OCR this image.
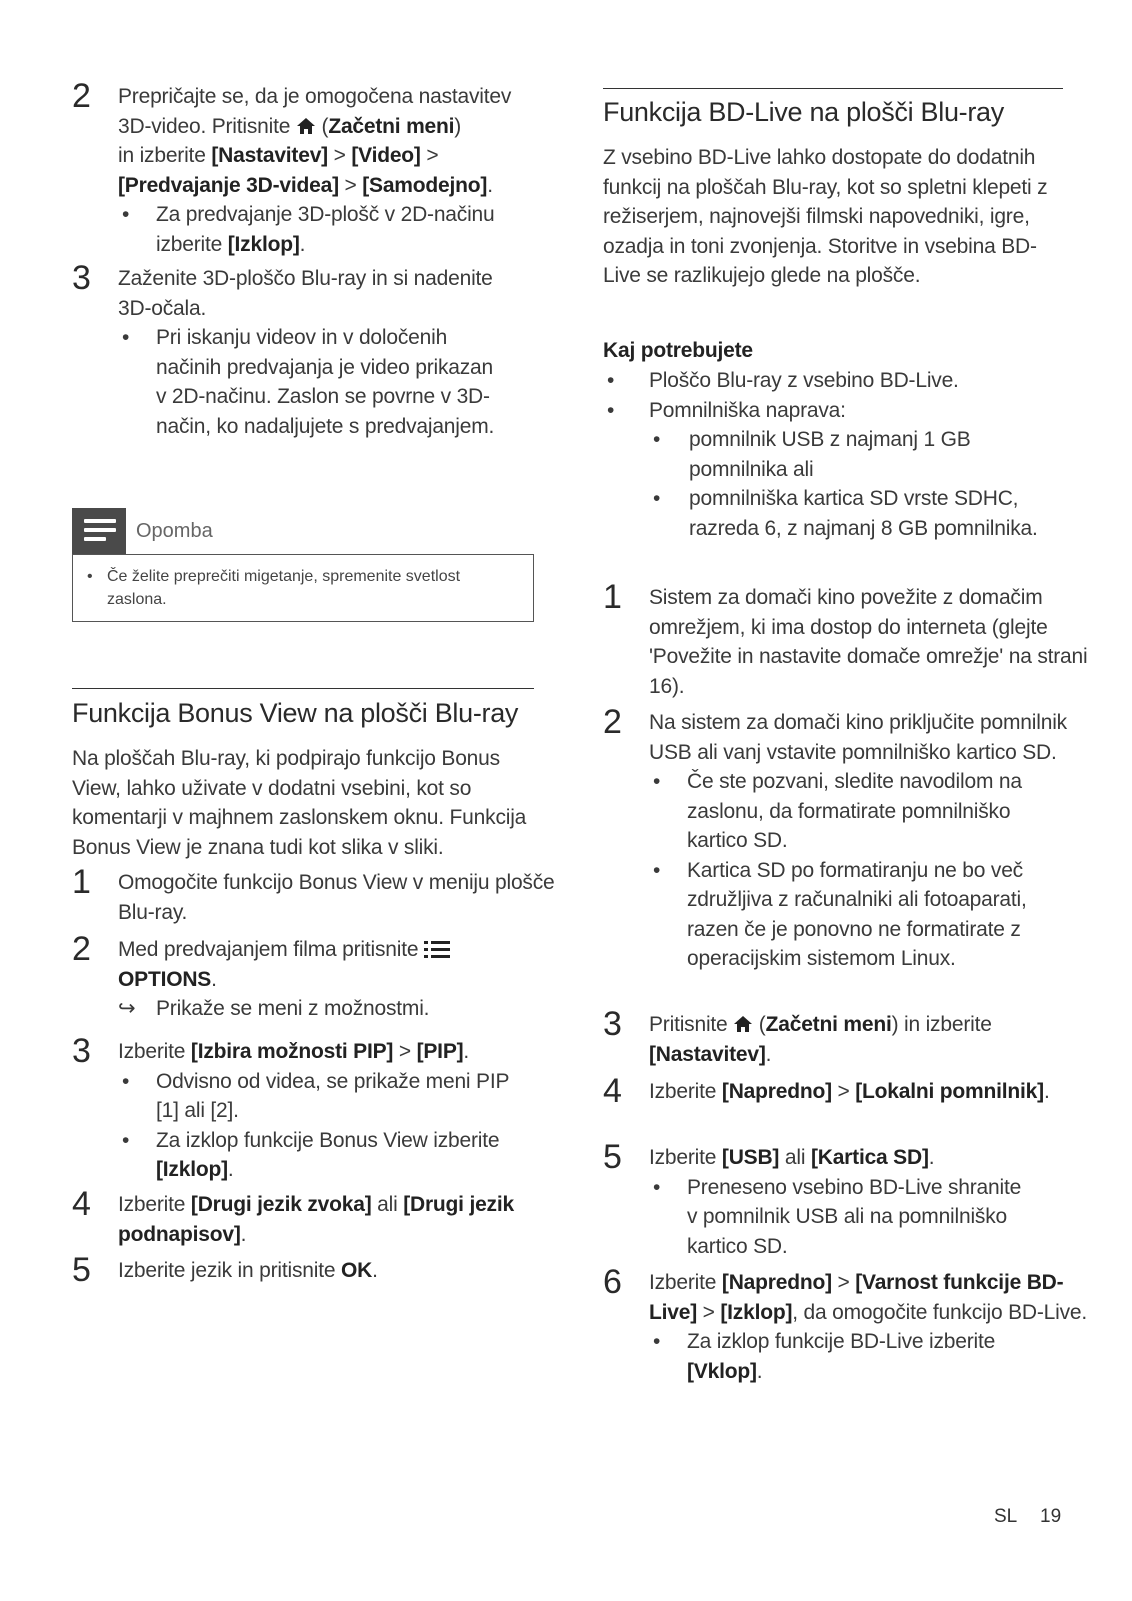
2 Prepričajte se, da je omogočena nastavitev
3D-video. Pritisnite (Začetni meni)
in izberite [Nastavitev] > [Video] >
[Predvajanje 3D-videa] > [Samodejno].
• Za predvajanje 3D-plošč v 2D-načinu
izberite [Izklop].
3 Zaženite 3D-ploščo Blu-ray in si nadenite
3D-očala.
• Pri iskanju videov in v določenih načinih predvajanja je video prikazan v 2D-načinu. Zaslon se povrne v 3D-način, ko nadaljujete s predvajanjem.
Opomba
• Če želite preprečiti migetanje, spremenite svetlost zaslona.
Funkcija Bonus View na plošči Blu-ray

Na ploščah Blu-ray, ki podpirajo funkcijo Bonus View, lahko uživate v dodatni vsebini, kot so komentarji v majhnem zaslonskem oknu. Funkcija Bonus View je znana tudi kot slika v sliki.

1 Omogočite funkcijo Bonus View v meniju plošče Blu-ray.
2 Med predvajanjem filma pritisnite
OPTIONS.
↪ Prikaže se meni z možnostmi.
3 Izberite [Izbira možnosti PIP] > [PIP].
• Odvisno od videa, se prikaže meni PIP [1] ali [2].
• Za izklop funkcije Bonus View izberite
[Izklop].
4 Izberite [Drugi jezik zvoka] ali [Drugi jezik podnapisov].
5 Izberite jezik in pritisnite OK.
Funkcija BD-Live na plošči Blu-ray

Z vsebino BD-Live lahko dostopate do dodatnih funkcij na ploščah Blu-ray, kot so spletni klepeti z režiserjem, najnovejši filmski napovedniki, igre, ozadja in toni zvonjenja. Storitve in vsebina BD-Live se razlikujejo glede na plošče.

Kaj potrebujete

• Ploščo Blu-ray z vsebino BD-Live.
• Pomnilniška naprava:
• pomnilnik USB z najmanj 1 GB pomnilnika ali
• pomnilniška kartica SD vrste SDHC, razreda 6, z najmanj 8 GB pomnilnika.
1 Sistem za domači kino povežite z domačim omrežjem, ki ima dostop do interneta (glejte 'Povežite in nastavite domače omrežje' na strani 16).
2 Na sistem za domači kino priključite pomnilnik USB ali vanj vstavite pomnilniško kartico SD.
• Če ste pozvani, sledite navodilom na zaslonu, da formatirate pomnilniško kartico SD.
• Kartica SD po formatiranju ne bo več združljiva z računalniki ali fotoaparati, razen če je ponovno ne formatirate z operacijskim sistemom Linux.
3 Pritisnite  (Začetni meni) in izberite
[Nastavitev].
4 Izberite [Napredno] > [Lokalni pomnilnik].
5 Izberite [USB] ali [Kartica SD].
• Preneseno vsebino BD-Live shranite v pomnilnik USB ali na pomnilniško kartico SD.
6 Izberite [Napredno] > [Varnost funkcije BD-Live] > [Izklop], da omogočite funkcijo BD-Live.
• Za izklop funkcije BD-Live izberite
[Vklop].
SL 19
